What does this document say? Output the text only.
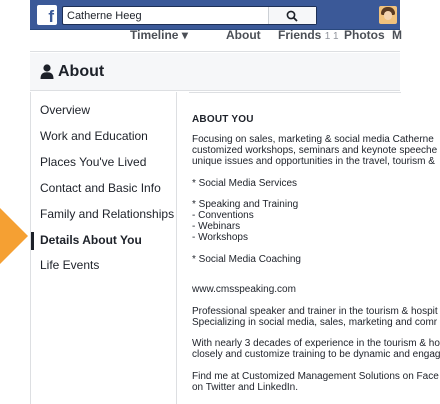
f
Catherne Heeg
Timeline ▾	About Friends 1 1 Photos M
About
Overview
Work and Education
Places You've Lived
Contact and Basic Info
Family and Relationships
Details About You
Life Events
ABOUT YOU
Focusing on sales, marketing & social media Catherne
customized workshops, seminars and keynote speeche
unique issues and opportunities in the travel, tourism &
* Social Media Services
* Speaking and Training
- Conventions
- Webinars
- Workshops
* Social Media Coaching
www.cmsspeaking.com
Professional speaker and trainer in the tourism & hospit
Specializing in social media, sales, marketing and comr
With nearly 3 decades of experience in the tourism & ho
closely and customize training to be dynamic and engag
Find me at Customized Management Solutions on Face
on Twitter and LinkedIn.
